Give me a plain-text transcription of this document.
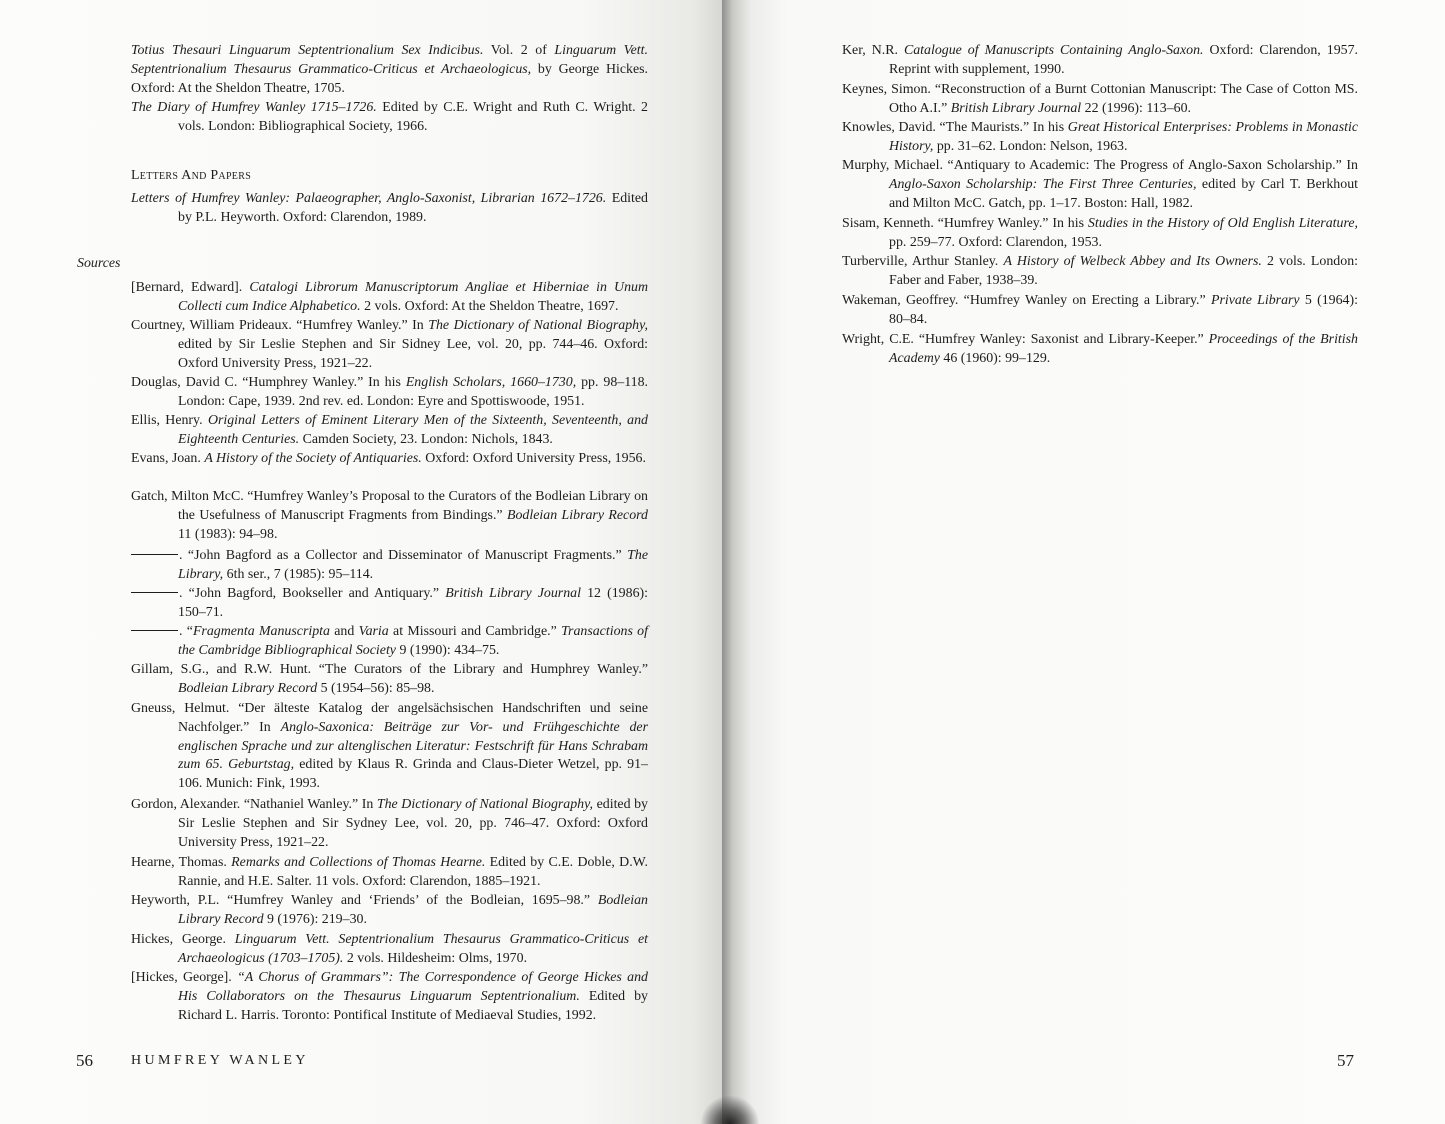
Totius Thesauri Linguarum Septentrionalium Sex Indicibus. Vol. 2 of Linguarum Vett. Septentrionalium Thesaurus Grammatico-Criticus et Archaeologicus, by George Hickes. Oxford: At the Sheldon Theatre, 1705.

The Diary of Humfrey Wanley 1715–1726. Edited by C.E. Wright and Ruth C. Wright. 2 vols. London: Bibliographical Society, 1966.

Letters And Papers

Letters of Humfrey Wanley: Palaeographer, Anglo-Saxonist, Librarian 1672–1726. Edited by P.L. Heyworth. Oxford: Clarendon, 1989.

[Bernard, Edward]. Catalogi Librorum Manuscriptorum Angliae et Hiberniae in Unum Collecti cum Indice Alphabetico. 2 vols. Oxford: At the Sheldon Theatre, 1697.

Courtney, William Prideaux. “Humfrey Wanley.” In The Dictionary of National Biography, edited by Sir Leslie Stephen and Sir Sidney Lee, vol. 20, pp. 744–46. Oxford: Oxford University Press, 1921–22.

Douglas, David C. “Humphrey Wanley.” In his English Scholars, 1660–1730, pp. 98–118. London: Cape, 1939. 2nd rev. ed. London: Eyre and Spottiswoode, 1951.

Ellis, Henry. Original Letters of Eminent Literary Men of the Sixteenth, Seventeenth, and Eighteenth Centuries. Camden Society, 23. London: Nichols, 1843.

Evans, Joan. A History of the Society of Antiquaries. Oxford: Oxford University Press, 1956.

Gatch, Milton McC. “Humfrey Wanley’s Proposal to the Curators of the Bodleian Library on the Usefulness of Manuscript Fragments from Bindings.” Bodleian Library Record 11 (1983): 94–98.

. “John Bagford as a Collector and Disseminator of Manuscript Fragments.” The Library, 6th ser., 7 (1985): 95–114.

. “John Bagford, Bookseller and Antiquary.” British Library Journal 12 (1986): 150–71.

. “Fragmenta Manuscripta and Varia at Missouri and Cambridge.” Transactions of the Cambridge Bibliographical Society 9 (1990): 434–75.

Gillam, S.G., and R.W. Hunt. “The Curators of the Library and Humphrey Wanley.” Bodleian Library Record 5 (1954–56): 85–98.

Gneuss, Helmut. “Der älteste Katalog der angelsächsischen Handschriften und seine Nachfolger.” In Anglo-Saxonica: Beiträge zur Vor- und Frühgeschichte der englischen Sprache und zur altenglischen Literatur: Festschrift für Hans Schrabam zum 65. Geburtstag, edited by Klaus R. Grinda and Claus-Dieter Wetzel, pp. 91–106. Munich: Fink, 1993.

Gordon, Alexander. “Nathaniel Wanley.” In The Dictionary of National Biography, edited by Sir Leslie Stephen and Sir Sydney Lee, vol. 20, pp. 746–47. Oxford: Oxford University Press, 1921–22.

Hearne, Thomas. Remarks and Collections of Thomas Hearne. Edited by C.E. Doble, D.W. Rannie, and H.E. Salter. 11 vols. Oxford: Clarendon, 1885–1921.

Heyworth, P.L. “Humfrey Wanley and ‘Friends’ of the Bodleian, 1695–98.” Bodleian Library Record 9 (1976): 219–30.

Hickes, George. Linguarum Vett. Septentrionalium Thesaurus Grammatico-Criticus et Archaeologicus (1703–1705). 2 vols. Hildesheim: Olms, 1970.

[Hickes, George]. “A Chorus of Grammars”: The Correspondence of George Hickes and His Collaborators on the Thesaurus Linguarum Septentrionalium. Edited by Richard L. Harris. Toronto: Pontifical Institute of Mediaeval Studies, 1992.

Sources
56	HUMFREY WANLEY

Ker, N.R. Catalogue of Manuscripts Containing Anglo-Saxon. Oxford: Clarendon, 1957. Reprint with supplement, 1990.

Keynes, Simon. “Reconstruction of a Burnt Cottonian Manuscript: The Case of Cotton MS. Otho A.I.” British Library Journal 22 (1996): 113–60.

Knowles, David. “The Maurists.” In his Great Historical Enterprises: Problems in Monastic History, pp. 31–62. London: Nelson, 1963.

Murphy, Michael. “Antiquary to Academic: The Progress of Anglo-Saxon Scholarship.” In Anglo-Saxon Scholarship: The First Three Centuries, edited by Carl T. Berkhout and Milton McC. Gatch, pp. 1–17. Boston: Hall, 1982.

Sisam, Kenneth. “Humfrey Wanley.” In his Studies in the History of Old English Literature, pp. 259–77. Oxford: Clarendon, 1953.

Turberville, Arthur Stanley. A History of Welbeck Abbey and Its Owners. 2 vols. London: Faber and Faber, 1938–39.

Wakeman, Geoffrey. “Humfrey Wanley on Erecting a Library.” Private Library 5 (1964): 80–84.

Wright, C.E. “Humfrey Wanley: Saxonist and Library-Keeper.” Proceedings of the British Academy 46 (1960): 99–129.

57
